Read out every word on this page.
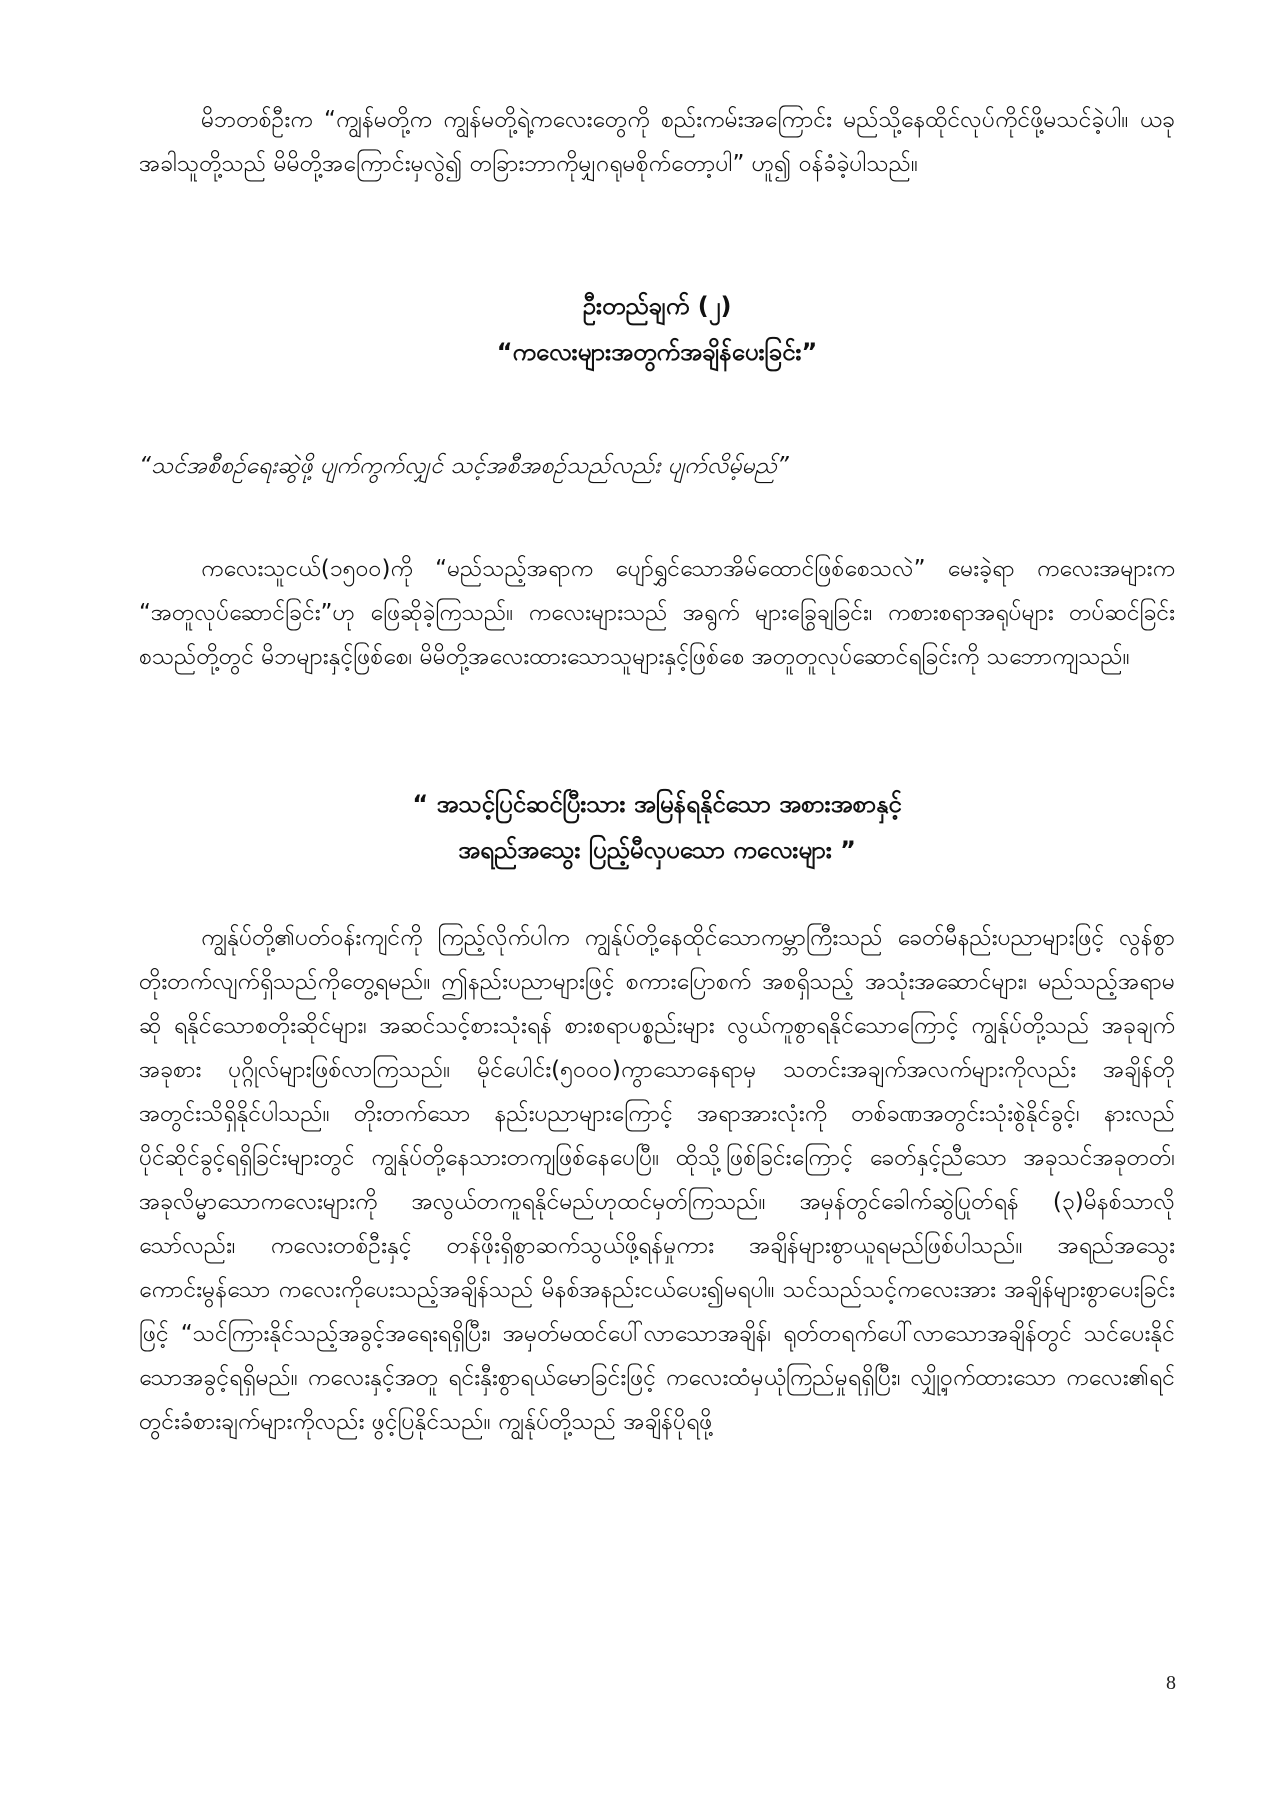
မိဘတစ်ဦးက “ကျွန်မတို့က ကျွန်မတို့ရဲ့ကလေးတွေကို စည်းကမ်းအကြောင်း မည်သို့နေထိုင်လုပ်ကိုင်ဖို့မသင်ခဲ့ပါ။ ယခုအခါသူတို့သည် မိမိတို့အကြောင်းမှလွဲ၍ တခြားဘာကိုမျှဂရုမစိုက်တော့ပါ” ဟူ၍ ဝန်ခံခဲ့ပါသည်။

ဦးတည်ချက် (၂)
“ကလေးများအတွက်အချိန်ပေးခြင်း”

“သင်အစီစဉ်ရေးဆွဲဖို့ ပျက်ကွက်လျှင် သင့်အစီအစဉ်သည်လည်း ပျက်လိမ့်မည်”

ကလေးသူငယ်(၁၅၀၀)ကို “မည်သည့်အရာက ပျော်ရွှင်သောအိမ်ထောင်ဖြစ်စေသလဲ” မေးခဲ့ရာ ကလေးအများက “အတူလုပ်ဆောင်ခြင်း”ဟု ဖြေဆိုခဲ့ကြသည်။ ကလေးများသည် အရွက် များခြွေချခြင်း၊ ကစားစရာအရုပ်များ တပ်ဆင်ခြင်းစသည်တို့တွင် မိဘများနှင့်ဖြစ်စေ၊ မိမိတို့အလေးထားသောသူများနှင့်ဖြစ်စေ အတူတူလုပ်ဆောင်ရခြင်းကို သဘောကျသည်။

“ အသင့်ပြင်ဆင်ပြီးသား အမြန်ရနိုင်သော အစားအစာနှင့်
အရည်အသွေး ပြည့်မီလှပသော ကလေးများ ”

ကျွန်ုပ်တို့၏ပတ်ဝန်းကျင်ကို ကြည့်လိုက်ပါက ကျွန်ုပ်တို့နေထိုင်သောကမ္ဘာကြီးသည် ခေတ်မီနည်းပညာများဖြင့် လွန်စွာတိုးတက်လျက်ရှိသည်ကိုတွေ့ရမည်။ ဤနည်းပညာများဖြင့် စကားပြောစက် အစရှိသည့် အသုံးအဆောင်များ၊ မည်သည့်အရာမဆို ရနိုင်သောစတိုးဆိုင်များ၊ အဆင်သင့်စားသုံးရန် စားစရာပစ္စည်းများ လွယ်ကူစွာရနိုင်သောကြောင့် ကျွန်ုပ်တို့သည် အခုချက်အခုစား ပုဂ္ဂိုလ်များဖြစ်လာကြသည်။ မိုင်ပေါင်း(၅၀၀၀)ကွာသောနေရာမှ သတင်းအချက်အလက်များကိုလည်း အချိန်တိုအတွင်းသိရှိနိုင်ပါသည်။ တိုးတက်သော နည်းပညာများကြောင့် အရာအားလုံးကို တစ်ခဏအတွင်းသုံးစွဲနိုင်ခွင့်၊ နားလည်ပိုင်ဆိုင်ခွင့်ရရှိခြင်းများတွင် ကျွန်ုပ်တို့နေသားတကျဖြစ်နေပေပြီ။ ထိုသို့ဖြစ်ခြင်းကြောင့် ခေတ်နှင့်ညီသော အခုသင်အခုတတ်၊ အခုလိမ္မာသောကလေးများကို အလွယ်တကူရနိုင်မည်ဟုထင်မှတ်ကြသည်။ အမှန်တွင်ခေါက်ဆွဲပြုတ်ရန် (၃)မိနစ်သာလိုသော်လည်း၊ ကလေးတစ်ဦးနှင့် တန်ဖိုးရှိစွာဆက်သွယ်ဖို့ရန်မှုကား အချိန်များစွာယူရမည်ဖြစ်ပါသည်။ အရည်အသွေးကောင်းမွန်သော ကလေးကိုပေးသည့်အချိန်သည် မိနစ်အနည်းငယ်ပေး၍မရပါ။ သင်သည်သင့်ကလေးအား အချိန်များစွာပေးခြင်းဖြင့် “သင်ကြားနိုင်သည့်အခွင့်အရေးရရှိပြီး၊ အမှတ်မထင်ပေါ်လာသောအချိန်၊ ရုတ်တရက်ပေါ်လာသောအချိန်တွင် သင်ပေးနိုင်သောအခွင့်ရရှိမည်။ ကလေးနှင့်အတူ ရင်းနှီးစွာရယ်မောခြင်းဖြင့် ကလေးထံမှယုံကြည်မှုရရှိပြီး၊ လျှို့ဝှက်ထားသော ကလေး၏ရင်တွင်းခံစားချက်များကိုလည်း ဖွင့်ပြနိုင်သည်။ ကျွန်ုပ်တို့သည် အချိန်ပိုရဖို့

8
